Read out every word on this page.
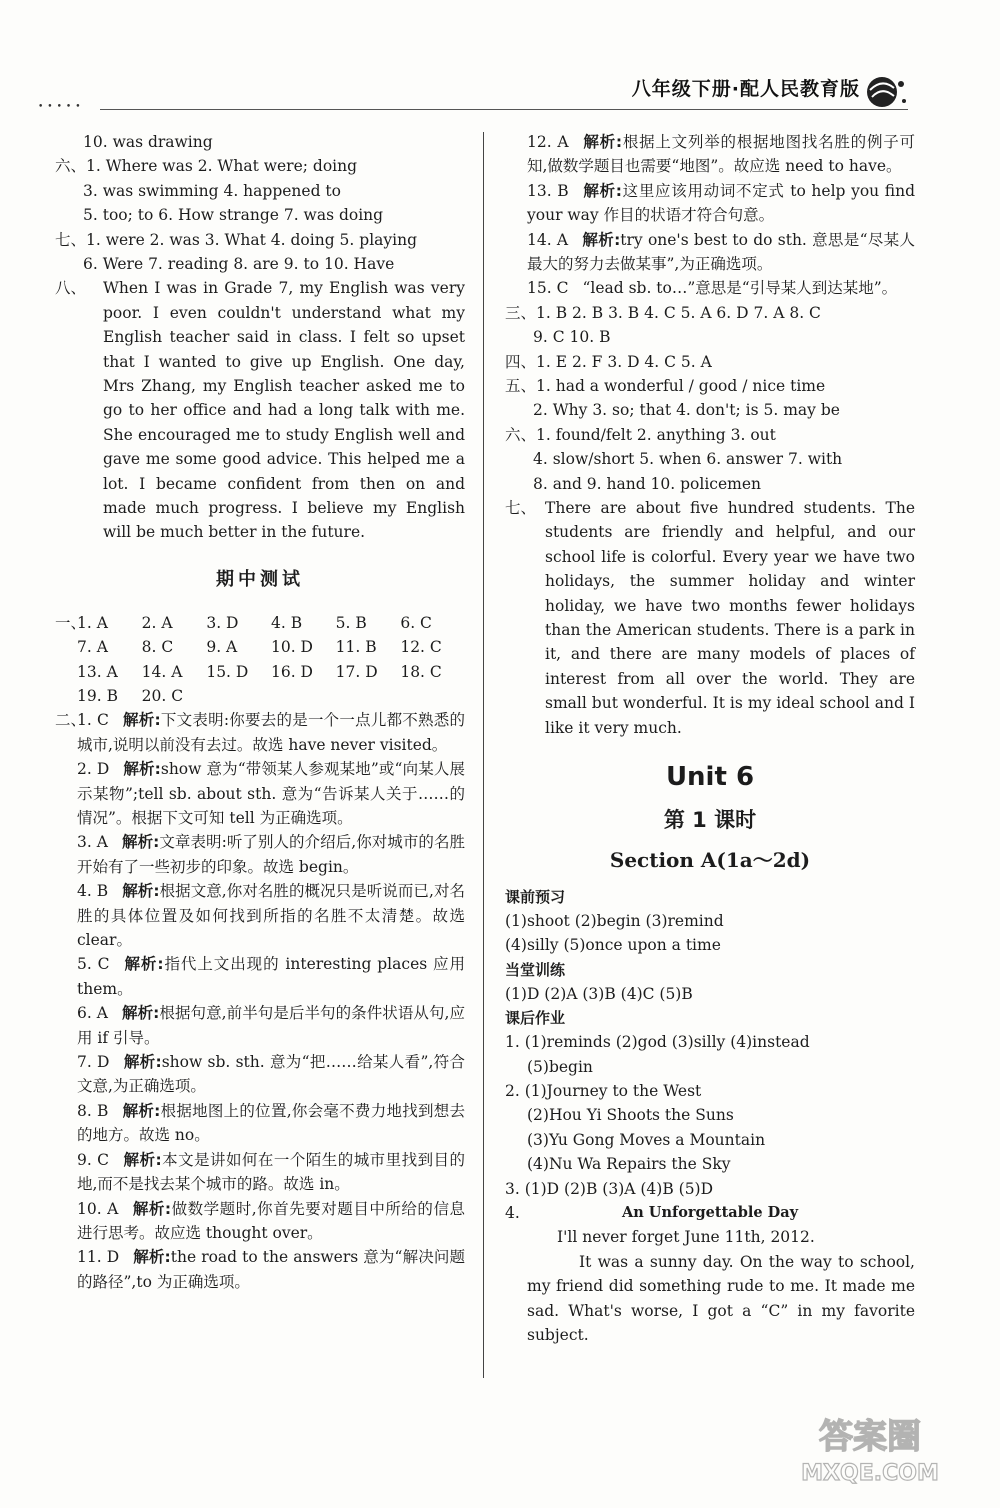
•••••
八年级下册·配人民教育版
10. was drawing
六、1. Where was 2. What were; doing
3. was swimming 4. happened to
5. too; to 6. How strange 7. was doing
七、1. were 2. was 3. What 4. doing 5. playing
6. Were 7. reading 8. are 9. to 10. Have
八、	When I was in Grade 7, my English was very poor. I even couldn't understand what my English teacher said in class. I felt so upset that I wanted to give up English. One day, Mrs Zhang, my English teacher asked me to go to her office and had a long talk with me. She encouraged me to study English well and gave me some good advice. This helped me a lot. I became confident from then on and made much progress. I believe my English will be much better in the future.
期中测试
一、
1. A	2. A	3. D	4. B	5. B	6. C
7. A	8. C	9. A	10. D	11. B	12. C
13. A	14. A	15. D	16. D	17. D	18. C
19. B	20. C
二、
1. C 解析:下文表明:你要去的是一个一点儿都不熟悉的城市,说明以前没有去过。故选 have never visited。
2. D 解析:show 意为“带领某人参观某地”或“向某人展示某物”;tell sb. about sth. 意为“告诉某人关于……的情况”。根据下文可知 tell 为正确选项。
3. A 解析:文章表明:听了别人的介绍后,你对城市的名胜开始有了一些初步的印象。故选 begin。
4. B 解析:根据文意,你对名胜的概况只是听说而已,对名胜的具体位置及如何找到所指的名胜不太清楚。故选 clear。
5. C 解析:指代上文出现的 interesting places 应用 them。
6. A 解析:根据句意,前半句是后半句的条件状语从句,应用 if 引导。
7. D 解析:show sb. sth. 意为“把……给某人看”,符合文意,为正确选项。
8. B 解析:根据地图上的位置,你会毫不费力地找到想去的地方。故选 no。
9. C 解析:本文是讲如何在一个陌生的城市里找到目的地,而不是找去某个城市的路。故选 in。
10. A 解析:做数学题时,你首先要对题目中所给的信息进行思考。故应选 thought over。
11. D 解析:the road to the answers 意为“解决问题的路径”,to 为正确选项。
12. A 解析:根据上文列举的根据地图找名胜的例子可知,做数学题目也需要“地图”。故应选 need to have。
13. B 解析:这里应该用动词不定式 to help you find your way 作目的状语才符合句意。
14. A 解析:try one's best to do sth. 意思是“尽某人最大的努力去做某事”,为正确选项。
15. C “lead sb. to…”意思是“引导某人到达某地”。
三、1. B 2. B 3. B 4. C 5. A 6. D 7. A 8. C
9. C 10. B
四、1. E 2. F 3. D 4. C 5. A
五、1. had a wonderful / good / nice time
2. Why 3. so; that 4. don't; is 5. may be
六、1. found/felt 2. anything 3. out
4. slow/short 5. when 6. answer 7. with
8. and 9. hand 10. policemen
七、 There are about five hundred students. The students are friendly and helpful, and our school life is colorful. Every year we have two holidays, the summer holiday and winter holiday, we have two months fewer holidays than the American students. There is a park in it, and there are many models of places of interest from all over the world. They are small but wonderful. It is my ideal school and I like it very much.
Unit 6
第 1 课时
Section A(1a～2d)
课前预习
(1)shoot (2)begin (3)remind
(4)silly (5)once upon a time
当堂训练
(1)D (2)A (3)B (4)C (5)B
课后作业
1. (1)reminds (2)god (3)silly (4)instead
(5)begin
2. (1)Journey to the West
(2)Hou Yi Shoots the Suns
(3)Yu Gong Moves a Mountain
(4)Nu Wa Repairs the Sky
3. (1)D (2)B (3)A (4)B (5)D
4.	An Unforgettable Day
I'll never forget June 11th, 2012.
It was a sunny day. On the way to school, my friend did something rude to me. It made me sad. What's worse, I got a “C” in my favorite subject.
答案圈
MXQE.COM
